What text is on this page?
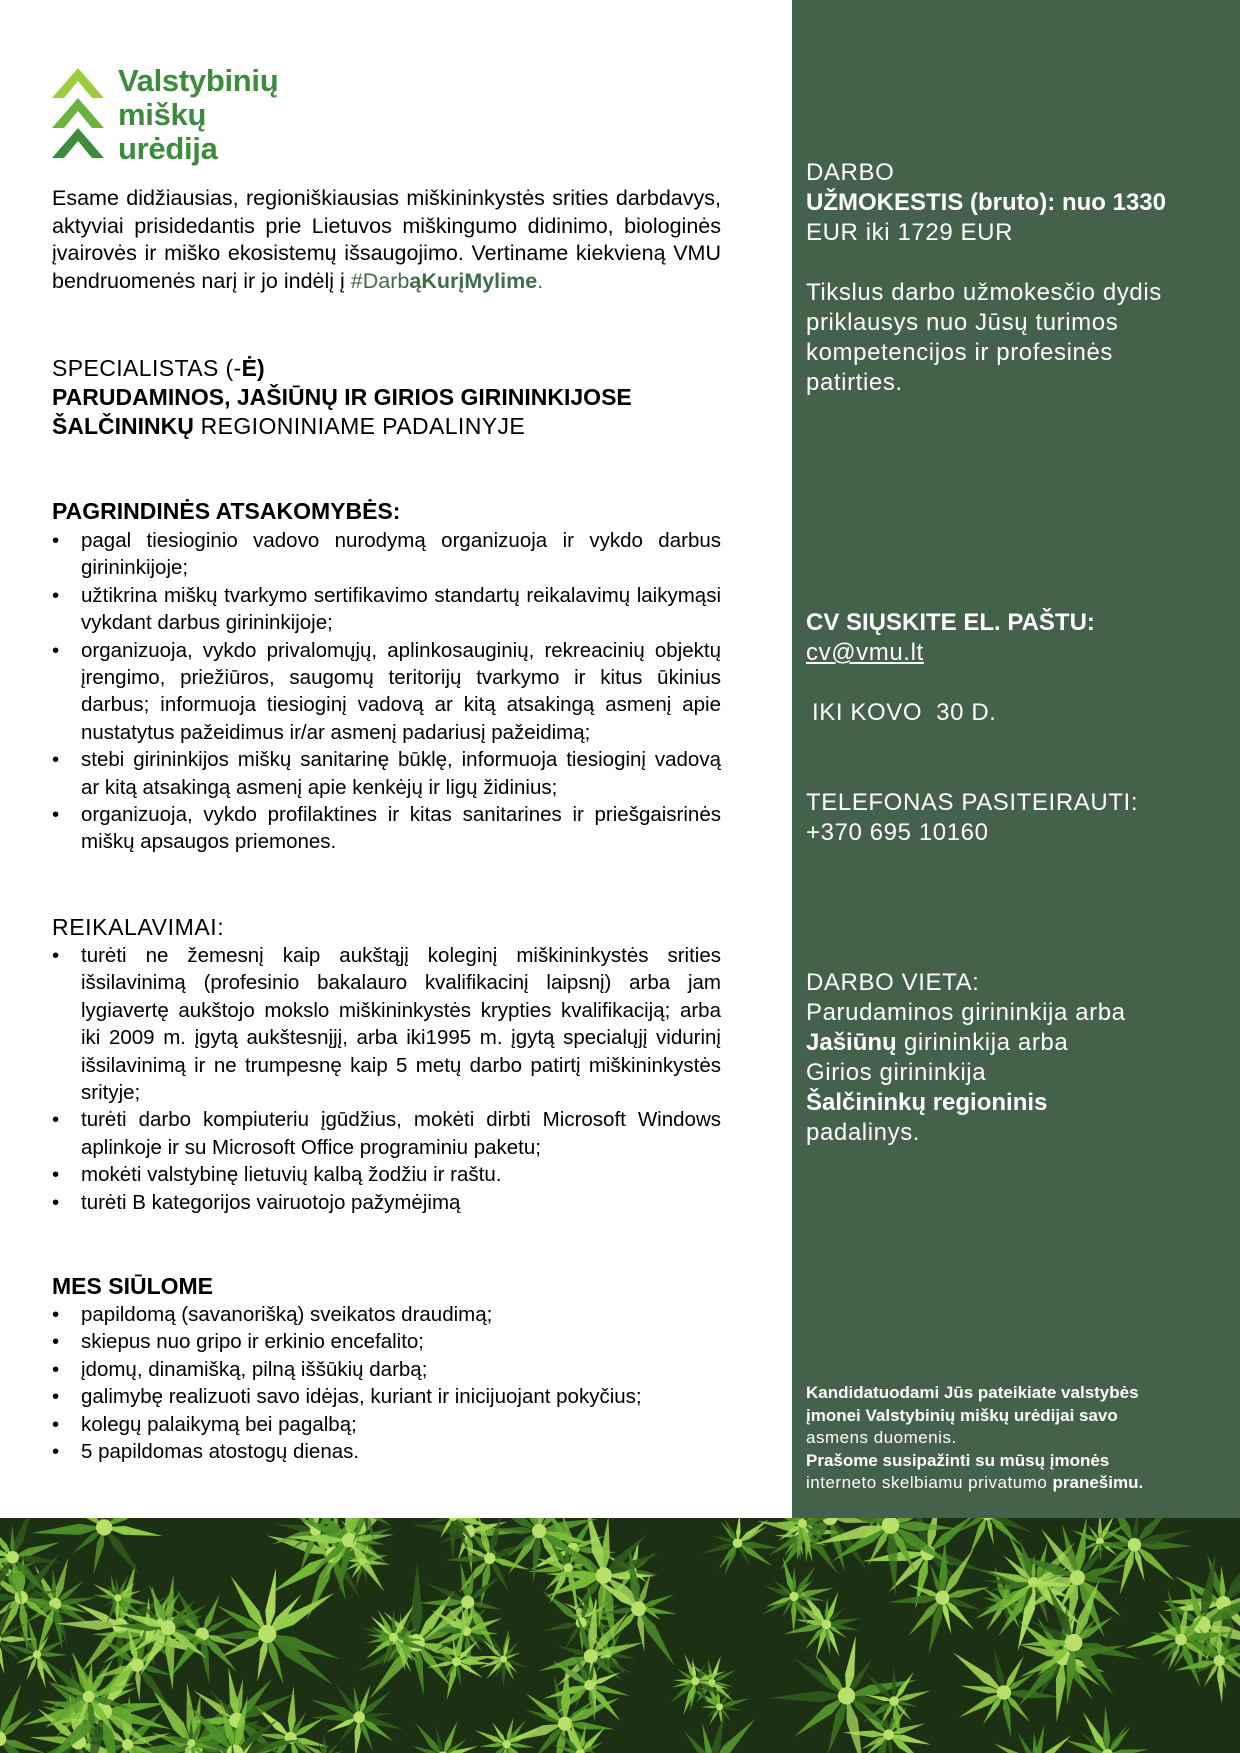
Valstybinių
miškų
urėdija

Esame didžiausias, regioniškiausias miškininkystės srities darbdavys, aktyviai prisidedantis prie Lietuvos miškingumo didinimo, biologinės įvairovės ir miško ekosistemų išsaugojimo. Vertiname kiekvieną VMU bendruomenės narį ir jo indėlį į #DarbąKurįMylime.

SPECIALISTAS (-Ė)
PARUDAMINOS, JAŠIŪNŲ IR GIRIOS GIRININKIJOSE
ŠALČININKŲ REGIONINIAME PADALINYJE
PAGRINDINĖS ATSAKOMYBĖS:
• pagal tiesioginio vadovo nurodymą organizuoja ir vykdo darbus girininkijoje;
• užtikrina miškų tvarkymo sertifikavimo standartų reikalavimų laikymąsi vykdant darbus girininkijoje;
• organizuoja, vykdo privalomųjų, aplinkosauginių, rekreacinių objektų įrengimo, priežiūros, saugomų teritorijų tvarkymo ir kitus ūkinius darbus; informuoja tiesioginį vadovą ar kitą atsakingą asmenį apie nustatytus pažeidimus ir/ar asmenį padariusį pažeidimą;
• stebi girininkijos miškų sanitarinę būklę, informuoja tiesioginį vadovą ar kitą atsakingą asmenį apie kenkėjų ir ligų židinius;
• organizuoja, vykdo profilaktines ir kitas sanitarines ir priešgaisrinės miškų apsaugos priemones.
REIKALAVIMAI:
• turėti ne žemesnį kaip aukštąjį koleginį miškininkystės srities išsilavinimą (profesinio bakalauro kvalifikacinį laipsnį) arba jam lygiavertę aukštojo mokslo miškininkystės krypties kvalifikaciją; arba iki 2009 m. įgytą aukštesnįjį, arba iki1995 m. įgytą specialųjį vidurinį išsilavinimą ir ne trumpesnę kaip 5 metų darbo patirtį miškininkystės srityje;
• turėti darbo kompiuteriu įgūdžius, mokėti dirbti Microsoft Windows aplinkoje ir su Microsoft Office programiniu paketu;
• mokėti valstybinę lietuvių kalbą žodžiu ir raštu.
• turėti B kategorijos vairuotojo pažymėjimą
MES SIŪLOME
• papildomą (savanorišką) sveikatos draudimą;
• skiepus nuo gripo ir erkinio encefalito;
• įdomų, dinamišką, pilną iššūkių darbą;
• galimybę realizuoti savo idėjas, kuriant ir inicijuojant pokyčius;
• kolegų palaikymą bei pagalbą;
• 5 papildomas atostogų dienas.
DARBO
UŽMOKESTIS (bruto): nuo 1330
EUR iki 1729 EUR
Tikslus darbo užmokesčio dydis priklausys nuo Jūsų turimos kompetencijos ir profesinės patirties.
CV SIŲSKITE EL. PAŠTU:
cv@vmu.lt
IKI KOVO 30 D.
TELEFONAS PASITEIRAUTI:
+370 695 10160
DARBO VIETA:
Parudaminos girininkija arba
Jašiūnų girininkija arba
Girios girininkija
Šalčininkų regioninis
padalinys.
Kandidatuodami Jūs pateikiate valstybės įmonei Valstybinių miškų urėdijai savo asmens duomenis.
Prašome susipažinti su mūsų įmonės interneto skelbiamu privatumo pranešimu.
